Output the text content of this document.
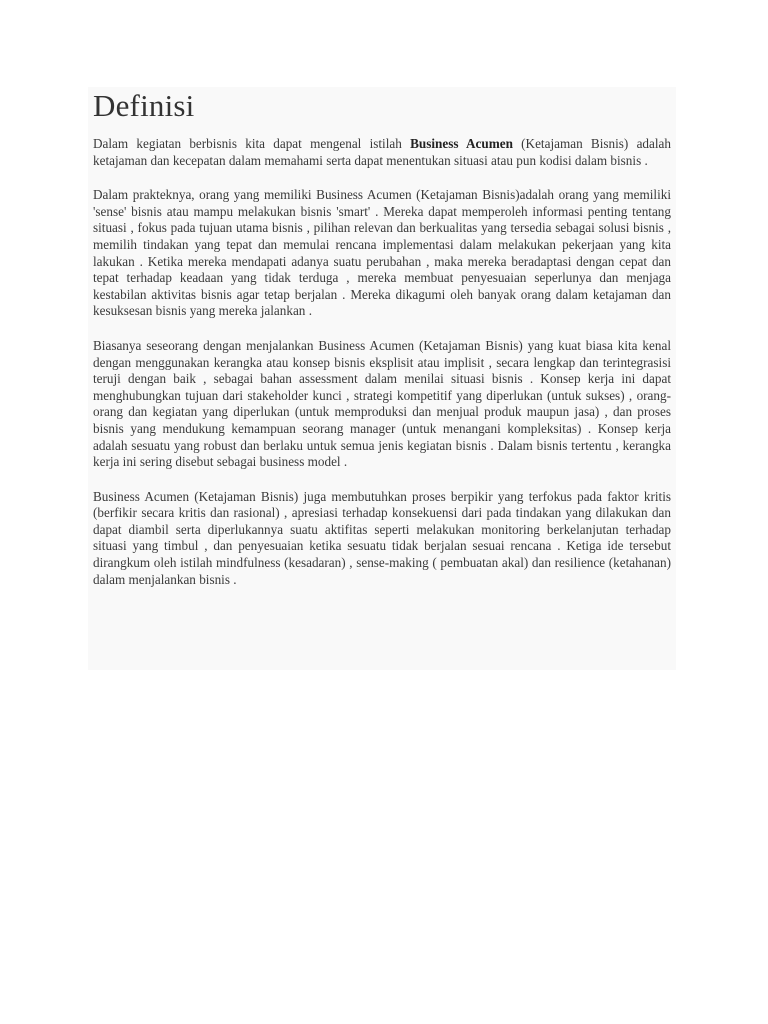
Definisi

Dalam kegiatan berbisnis kita dapat mengenal istilah Business Acumen (Ketajaman Bisnis) adalah ketajaman dan kecepatan dalam memahami serta dapat menentukan situasi atau pun kodisi dalam bisnis .

Dalam prakteknya, orang yang memiliki Business Acumen (Ketajaman Bisnis)adalah orang yang memiliki 'sense' bisnis atau mampu melakukan bisnis 'smart' . Mereka dapat memperoleh informasi penting tentang situasi , fokus pada tujuan utama bisnis , pilihan relevan dan berkualitas yang tersedia sebagai solusi bisnis , memilih tindakan yang tepat dan memulai rencana implementasi dalam melakukan pekerjaan yang kita lakukan . Ketika mereka mendapati adanya suatu perubahan , maka mereka beradaptasi dengan cepat dan tepat terhadap keadaan yang tidak terduga , mereka membuat penyesuaian seperlunya dan menjaga kestabilan aktivitas bisnis agar tetap berjalan . Mereka dikagumi oleh banyak orang dalam ketajaman dan kesuksesan bisnis yang mereka jalankan .

Biasanya seseorang dengan menjalankan Business Acumen (Ketajaman Bisnis) yang kuat biasa kita kenal dengan menggunakan kerangka atau konsep bisnis eksplisit atau implisit , secara lengkap dan terintegrasisi teruji dengan baik , sebagai bahan assessment dalam menilai situasi bisnis . Konsep kerja ini dapat menghubungkan tujuan dari stakeholder kunci , strategi kompetitif yang diperlukan (untuk sukses) , orang-orang dan kegiatan yang diperlukan (untuk memproduksi dan menjual produk maupun jasa) , dan proses bisnis yang mendukung kemampuan seorang manager (untuk menangani kompleksitas) . Konsep kerja adalah sesuatu yang robust dan berlaku untuk semua jenis kegiatan bisnis . Dalam bisnis tertentu , kerangka kerja ini sering disebut sebagai business model .

Business Acumen (Ketajaman Bisnis) juga membutuhkan proses berpikir yang terfokus pada faktor kritis (berfikir secara kritis dan rasional) , apresiasi terhadap konsekuensi dari pada tindakan yang dilakukan dan dapat diambil serta diperlukannya suatu aktifitas seperti melakukan monitoring berkelanjutan terhadap situasi yang timbul , dan penyesuaian ketika sesuatu tidak berjalan sesuai rencana . Ketiga ide tersebut dirangkum oleh istilah mindfulness (kesadaran) , sense-making ( pembuatan akal) dan resilience (ketahanan) dalam menjalankan bisnis .
